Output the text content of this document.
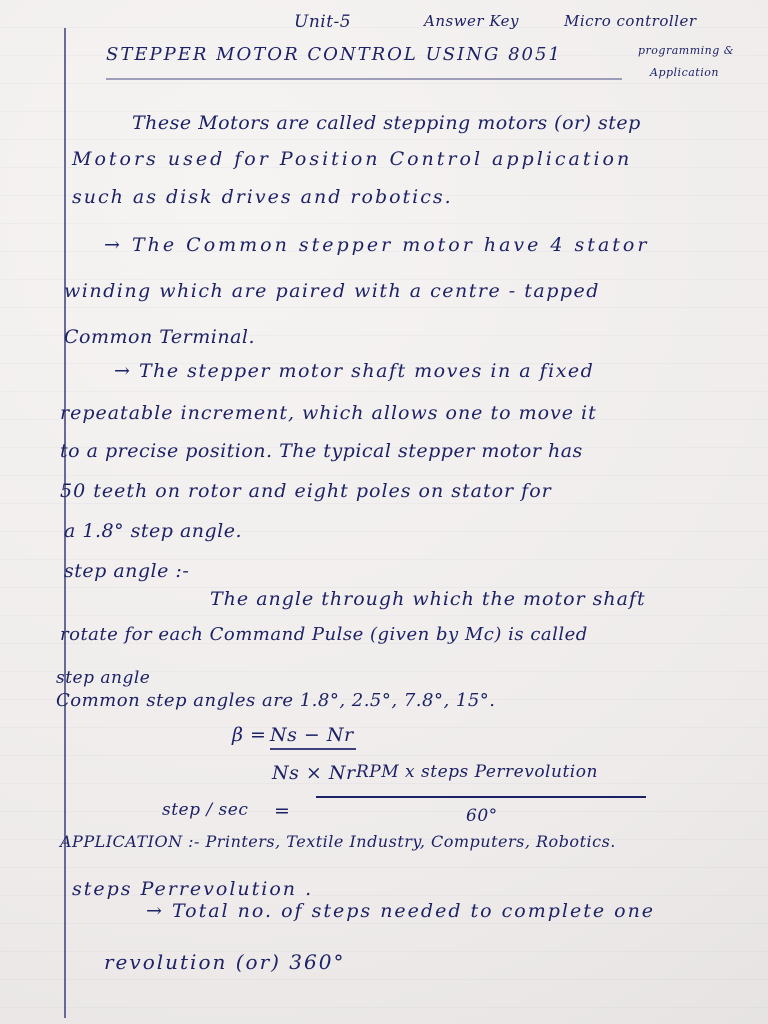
Unit-5	Answer Key	Micro controller
programming &
Application
STEPPER MOTOR CONTROL USING 8051
These Motors are called stepping motors (or) step
Motors used for Position Control application
such as disk drives and robotics.
→ The Common stepper motor have 4 stator
winding which are paired with a centre - tapped
Common Terminal.
→ The stepper motor shaft moves in a fixed
repeatable increment, which allows one to move it
to a precise position. The typical stepper motor has
50 teeth on rotor and eight poles on stator for
a 1.8° step angle.
step angle :-
The angle through which the motor shaft
rotate for each Command Pulse (given by Mc) is called
step angle
Common step angles are 1.8°, 2.5°, 7.8°, 15°.
β = Ns − Nr
Ns × Nr
step / sec =
RPM x steps Perrevolution
60°
APPLICATION :- Printers, Textile Industry, Computers, Robotics.
steps Perrevolution .
→ Total no. of steps needed to complete one
revolution (or) 360°
